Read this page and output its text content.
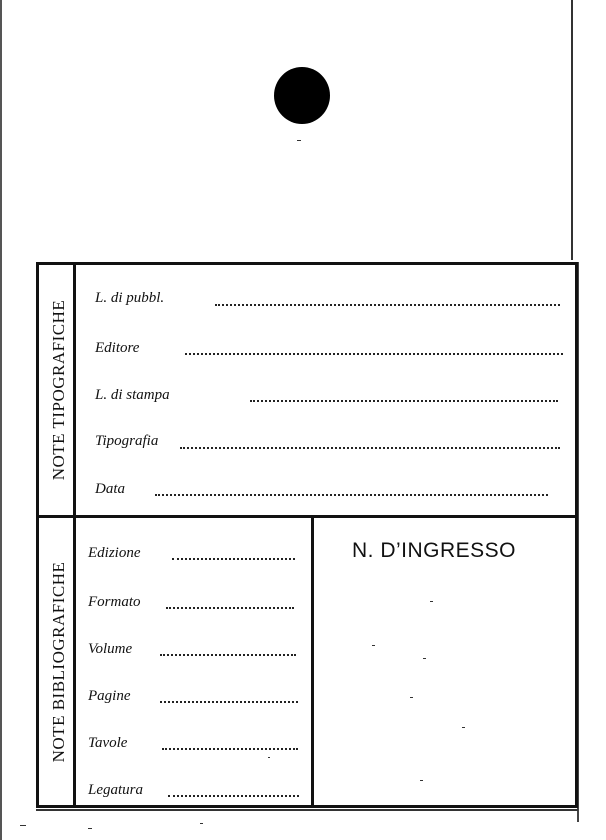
NOTE TIPOGRAFICHE
NOTE BIBLIOGRAFICHE
L. di pubbl.
Editore
L. di stampa
Tipografia
Data
Edizione
Formato
Volume
Pagine
Tavole
Legatura
N. D’INGRESSO
